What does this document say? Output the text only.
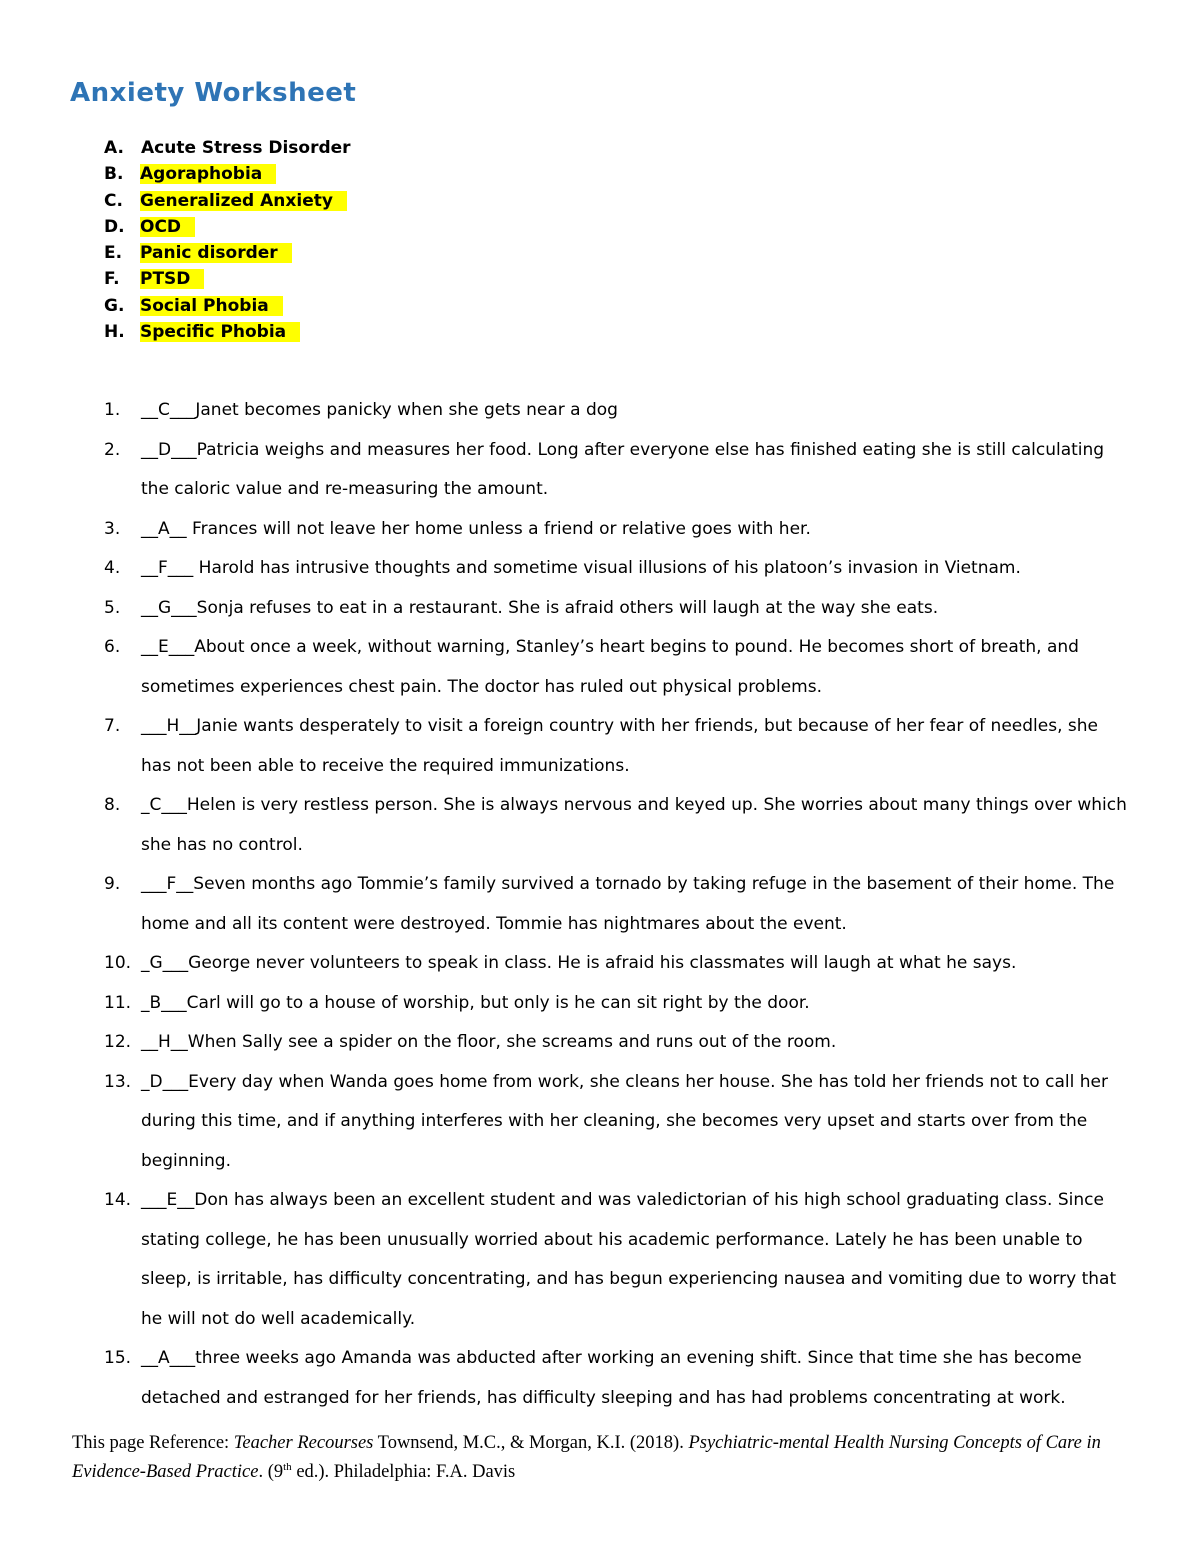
Anxiety Worksheet
A. Acute Stress Disorder
B. Agoraphobia
C. Generalized Anxiety
D. OCD
E. Panic disorder
F. PTSD
G. Social Phobia
H. Specific Phobia
1. __C___Janet becomes panicky when she gets near a dog
2. __D___Patricia weighs and measures her food. Long after everyone else has finished eating she is still calculating the caloric value and re-measuring the amount.
3. __A__ Frances will not leave her home unless a friend or relative goes with her.
4. __F___ Harold has intrusive thoughts and sometime visual illusions of his platoon’s invasion in Vietnam.
5. __G___Sonja refuses to eat in a restaurant. She is afraid others will laugh at the way she eats.
6. __E___About once a week, without warning, Stanley’s heart begins to pound. He becomes short of breath, and sometimes experiences chest pain. The doctor has ruled out physical problems.
7. ___H__Janie wants desperately to visit a foreign country with her friends, but because of her fear of needles, she has not been able to receive the required immunizations.
8. _C___Helen is very restless person. She is always nervous and keyed up. She worries about many things over which she has no control.
9. ___F__Seven months ago Tommie’s family survived a tornado by taking refuge in the basement of their home. The home and all its content were destroyed. Tommie has nightmares about the event.
10. _G___George never volunteers to speak in class. He is afraid his classmates will laugh at what he says.
11. _B___Carl will go to a house of worship, but only is he can sit right by the door.
12. __H__When Sally see a spider on the floor, she screams and runs out of the room.
13. _D___Every day when Wanda goes home from work, she cleans her house. She has told her friends not to call her during this time, and if anything interferes with her cleaning, she becomes very upset and starts over from the beginning.
14. ___E__Don has always been an excellent student and was valedictorian of his high school graduating class. Since stating college, he has been unusually worried about his academic performance. Lately he has been unable to sleep, is irritable, has difficulty concentrating, and has begun experiencing nausea and vomiting due to worry that he will not do well academically.
15. __A___three weeks ago Amanda was abducted after working an evening shift. Since that time she has become detached and estranged for her friends, has difficulty sleeping and has had problems concentrating at work.
This page Reference: Teacher Recourses Townsend, M.C., & Morgan, K.I. (2018). Psychiatric-mental Health Nursing Concepts of Care in Evidence-Based Practice. (9th ed.). Philadelphia: F.A. Davis
